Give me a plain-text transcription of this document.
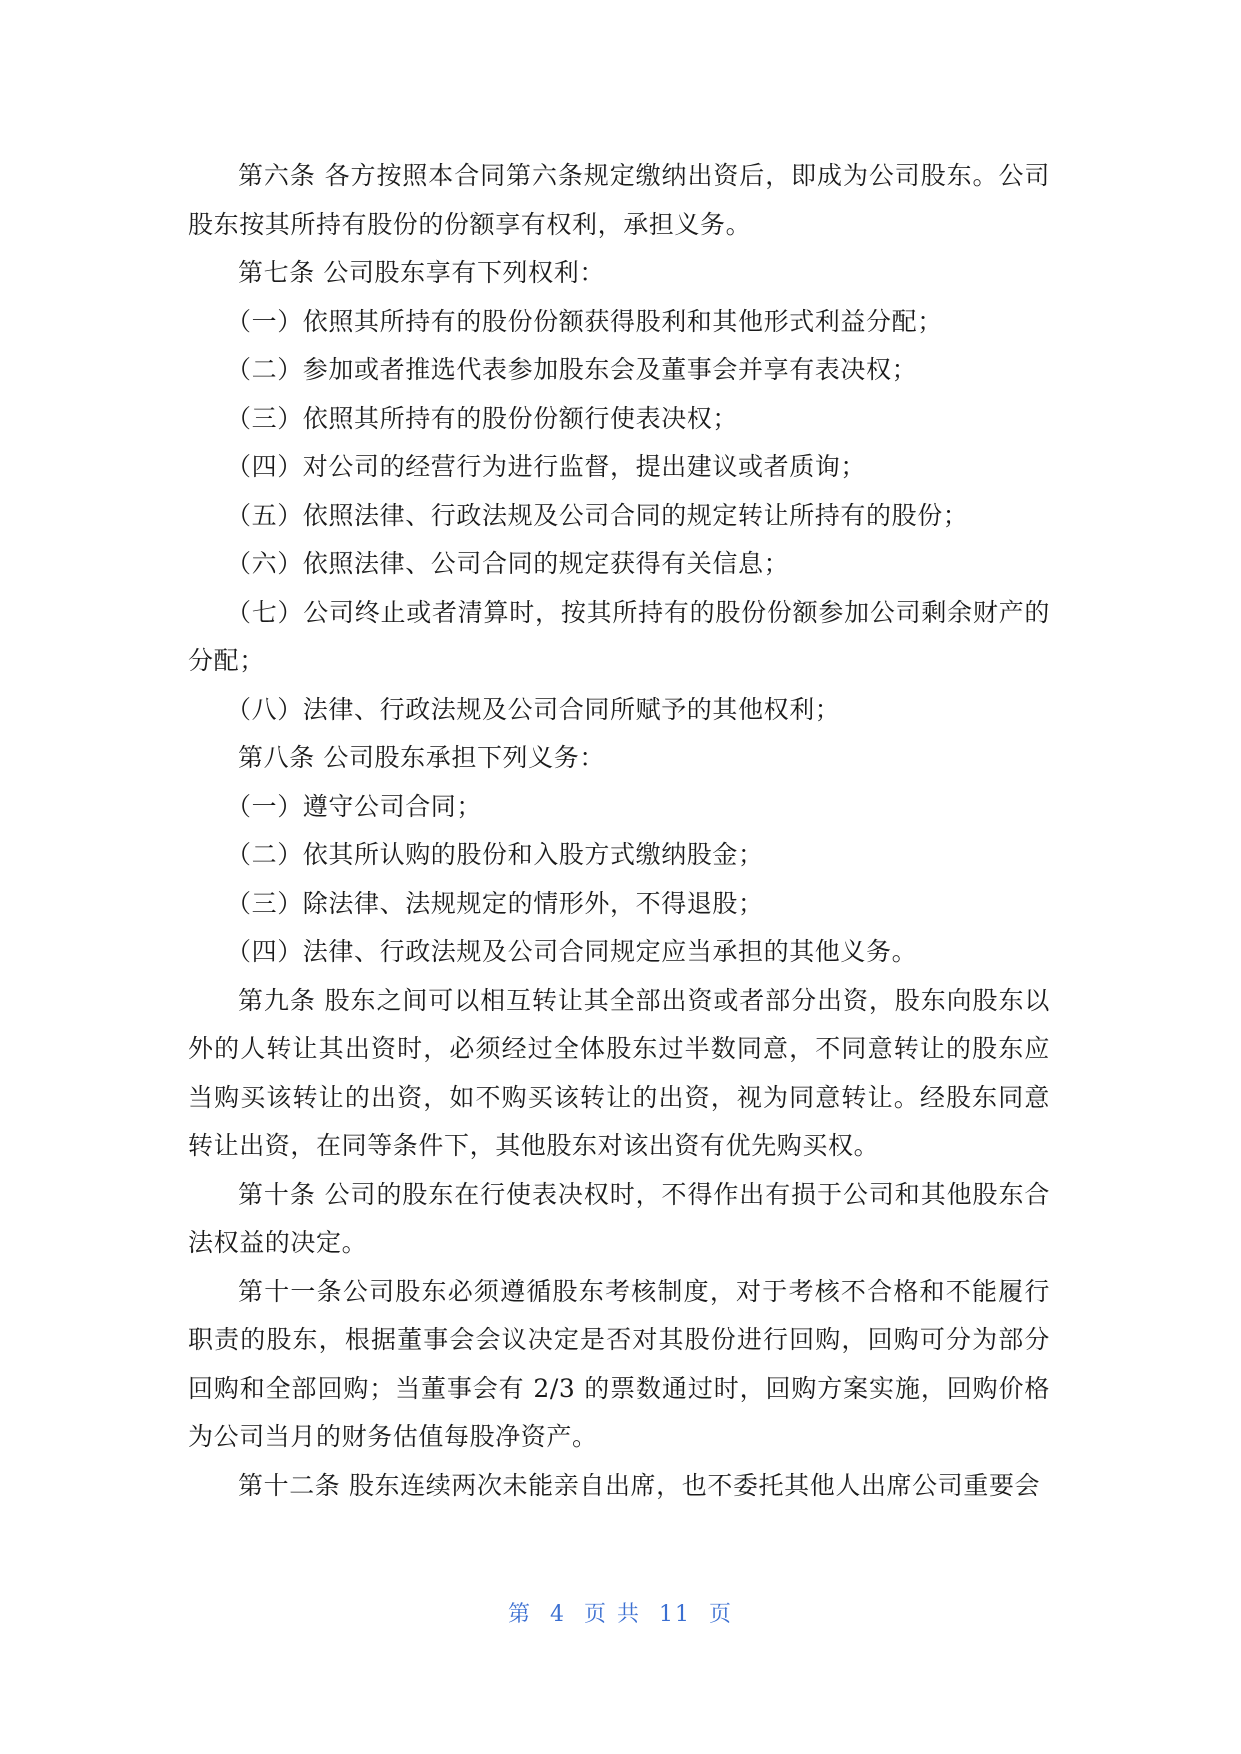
第六条 各方按照本合同第六条规定缴纳出资后，即成为公司股东。公司股东按其所持有股份的份额享有权利，承担义务。

第七条 公司股东享有下列权利：

（一）依照其所持有的股份份额获得股利和其他形式利益分配；

（二）参加或者推选代表参加股东会及董事会并享有表决权；

（三）依照其所持有的股份份额行使表决权；

（四）对公司的经营行为进行监督，提出建议或者质询；

（五）依照法律、行政法规及公司合同的规定转让所持有的股份；

（六）依照法律、公司合同的规定获得有关信息；

（七）公司终止或者清算时，按其所持有的股份份额参加公司剩余财产的分配；

（八）法律、行政法规及公司合同所赋予的其他权利；

第八条 公司股东承担下列义务：

（一）遵守公司合同；

（二）依其所认购的股份和入股方式缴纳股金；

（三）除法律、法规规定的情形外，不得退股；

（四）法律、行政法规及公司合同规定应当承担的其他义务。

第九条 股东之间可以相互转让其全部出资或者部分出资，股东向股东以外的人转让其出资时，必须经过全体股东过半数同意，不同意转让的股东应当购买该转让的出资，如不购买该转让的出资，视为同意转让。经股东同意转让出资，在同等条件下，其他股东对该出资有优先购买权。

第十条 公司的股东在行使表决权时，不得作出有损于公司和其他股东合法权益的决定。

第十一条公司股东必须遵循股东考核制度，对于考核不合格和不能履行职责的股东，根据董事会会议决定是否对其股份进行回购，回购可分为部分回购和全部回购；当董事会有 2/3 的票数通过时，回购方案实施，回购价格为公司当月的财务估值每股净资产。

第十二条 股东连续两次未能亲自出席，也不委托其他人出席公司重要会

第 4 页 共 11 页
